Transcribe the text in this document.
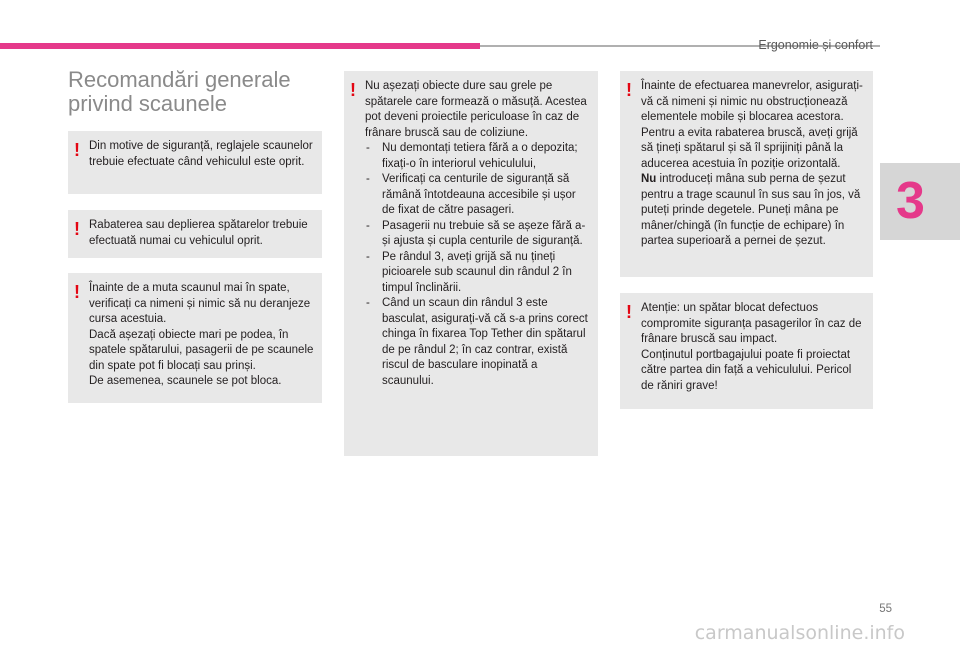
Ergonomie și confort
3
Recomandări generale privind scaunele
! Din motive de siguranță, reglajele scaunelor trebuie efectuate când vehiculul este oprit.

! Rabaterea sau deplierea spătarelor trebuie efectuată numai cu vehiculul oprit.

! Înainte de a muta scaunul mai în spate, verificați ca nimeni și nimic să nu deranjeze cursa acestuia.

Dacă așezați obiecte mari pe podea, în spatele spătarului, pasagerii de pe scaunele din spate pot fi blocați sau prinși.

De asemenea, scaunele se pot bloca.

! Nu așezați obiecte dure sau grele pe spătarele care formează o măsuță. Acestea pot deveni proiectile periculoase în caz de frânare bruscă sau de coliziune.

- Nu demontați tetiera fără a o depozita; fixați-o în interiorul vehiculului,

- Verificați ca centurile de siguranță să rămână întotdeauna accesibile și ușor de fixat de către pasageri.

- Pasagerii nu trebuie să se așeze fără a-și ajusta și cupla centurile de siguranță.

- Pe rândul 3, aveți grijă să nu țineți picioarele sub scaunul din rândul 2 în timpul înclinării.

- Când un scaun din rândul 3 este basculat, asigurați-vă că s-a prins corect chinga în fixarea Top Tether din spătarul de pe rândul 2; în caz contrar, există riscul de basculare inopinată a scaunului.

! Înainte de efectuarea manevrelor, asigurați-vă că nimeni și nimic nu obstrucționează elementele mobile și blocarea acestora.

Pentru a evita rabaterea bruscă, aveți grijă să țineți spătarul și să îl sprijiniți până la aducerea acestuia în poziție orizontală.

Nu introduceți mâna sub perna de șezut pentru a trage scaunul în sus sau în jos, vă puteți prinde degetele. Puneți mâna pe mâner/chingă (în funcție de echipare) în partea superioară a pernei de șezut.

! Atenție: un spătar blocat defectuos compromite siguranța pasagerilor în caz de frânare bruscă sau impact.

Conținutul portbagajului poate fi proiectat către partea din față a vehiculului. Pericol de răniri grave!

55
carmanualsonline.info
